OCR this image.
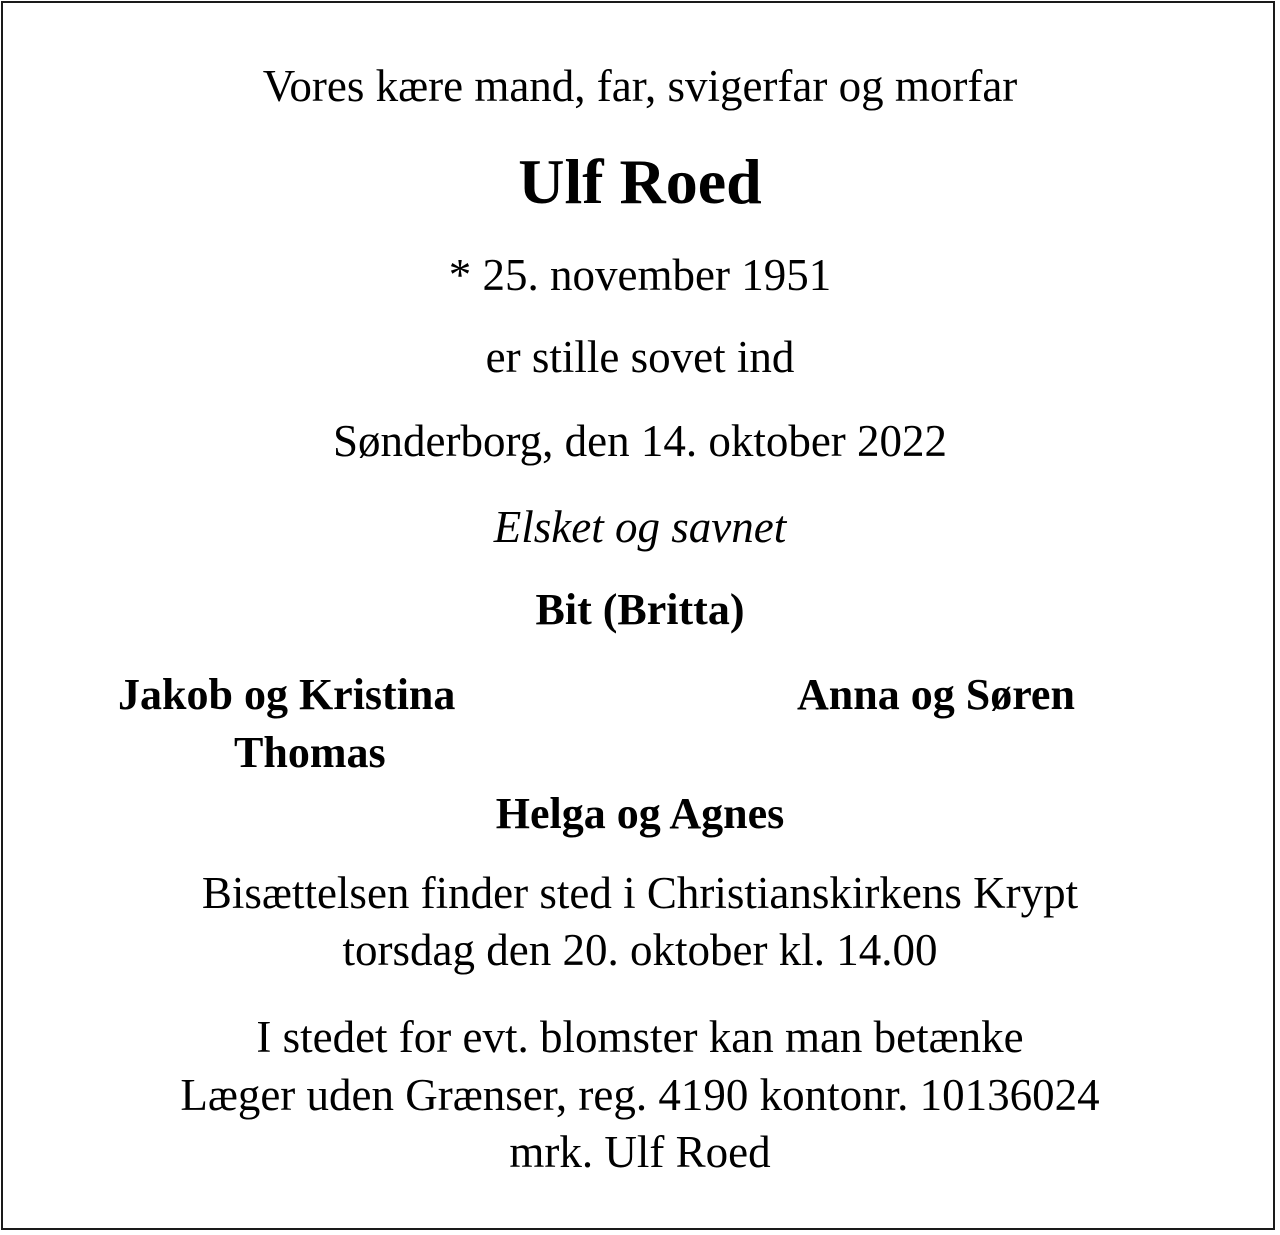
Vores kære mand, far, svigerfar og morfar
Ulf Roed
* 25. november 1951
er stille sovet ind
Sønderborg, den 14. oktober 2022
Elsket og savnet
Bit (Britta)
Jakob og Kristina
Thomas
Anna og Søren
Helga og Agnes
Bisættelsen finder sted i Christianskirkens Krypt
torsdag den 20. oktober kl. 14.00
I stedet for evt. blomster kan man betænke
Læger uden Grænser, reg. 4190 kontonr. 10136024
mrk. Ulf Roed
